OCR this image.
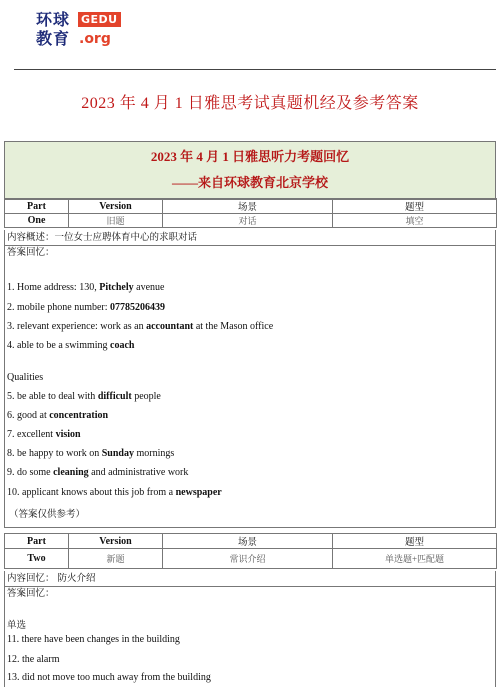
环球
教育
GEDU
.org
2023 年 4 月 1 日雅思考试真题机经及参考答案
2023 年 4 月 1 日雅思听力考题回忆
——来自环球教育北京学校
Part	Version	场景	题型
One	旧题	对话	填空
内容概述：一位女士应聘体育中心的求职对话
答案回忆：
Qualities
（答案仅供参考）
1. Home address: 130, Pitchely avenue
2. mobile phone number: 07785206439
3. relevant experience: work as an accountant at the Mason office
4. able to be a swimming coach
5. be able to deal with difficult people
6. good at concentration
7. excellent vision
8. be happy to work on Sunday mornings
9. do some cleaning and administrative work
10. applicant knows about this job from a newspaper
Part	Version	场景	题型
Two	新题	常识介绍	单选题+匹配题
内容回忆： 防火介绍
答案回忆：
单选
11. there have been changes in the building
12. the alarm
13. did not move too much away from the building
